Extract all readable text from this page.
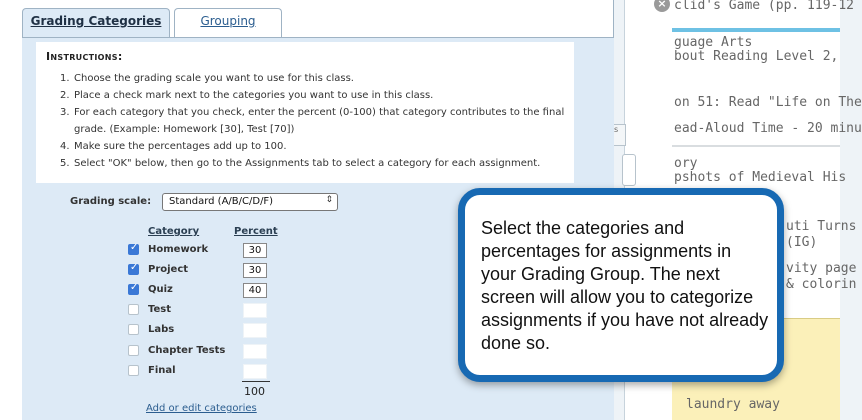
× clid's Game (pp. 119-12
guage Arts
bout Reading Level 2,
on 51: Read "Life on The
ead-Aloud Time - 20 minu
ory
pshots of Medieval His
uti Turns
(IG)
vity page
& colorin
laundry away
s
Grading Categories	Grouping
Instructions:
1. Choose the grading scale you want to use for this class.
2. Place a check mark next to the categories you want to use in this class.
3. For each category that you check, enter the percent (0-100) that category contributes to the final grade. (Example: Homework [30], Test [70])
4. Make sure the percentages add up to 100.
5. Select "OK" below, then go to the Assignments tab to select a category for each assignment.
Grading scale:	Standard (A/B/C/D/F)	⇕
Category	Percent
✓
Homework	30
✓
Project	30
✓
Quiz	40
Test
Labs
Chapter Tests
Final
100
Add or edit categories
Select the categories and percentages for assignments in your Grading Group. The next screen will allow you to categorize assignments if you have not already done so.
